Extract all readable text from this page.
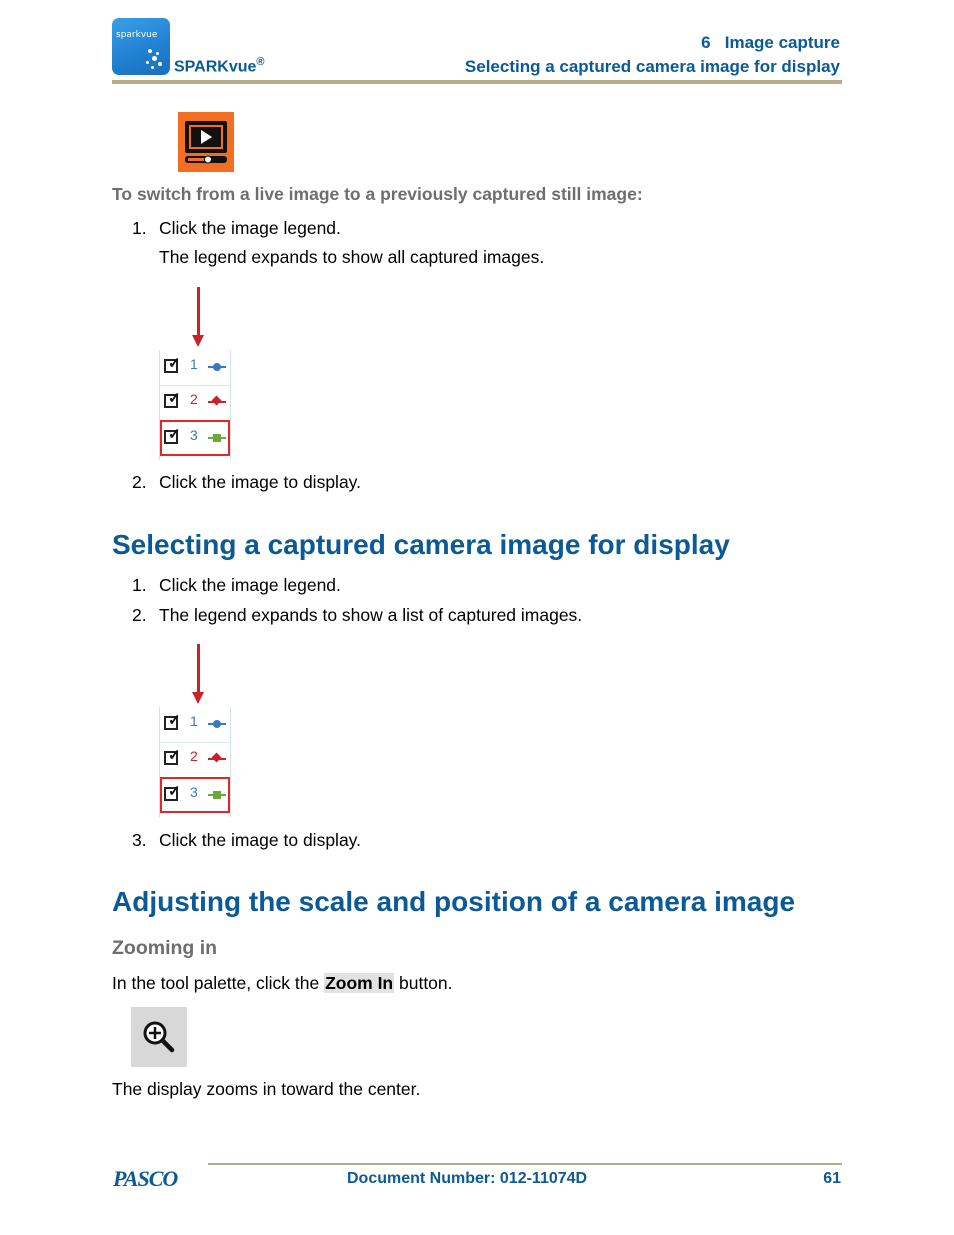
sparkvue
SPARKvue®
6 Image capture
Selecting a captured camera image for display
To switch from a live image to a previously captured still image:
1. Click the image legend.
The legend expands to show all captured images.
✓ 1
✓ 2
✓ 3
2. Click the image to display.
Selecting a captured camera image for display
1. Click the image legend.
2. The legend expands to show a list of captured images.
✓ 1
✓ 2
✓ 3
3. Click the image to display.
Adjusting the scale and position of a camera image
Zooming in
In the tool palette, click the Zoom In button.
The display zooms in toward the center.
PASCO	Document Number: 012-11074D	61
